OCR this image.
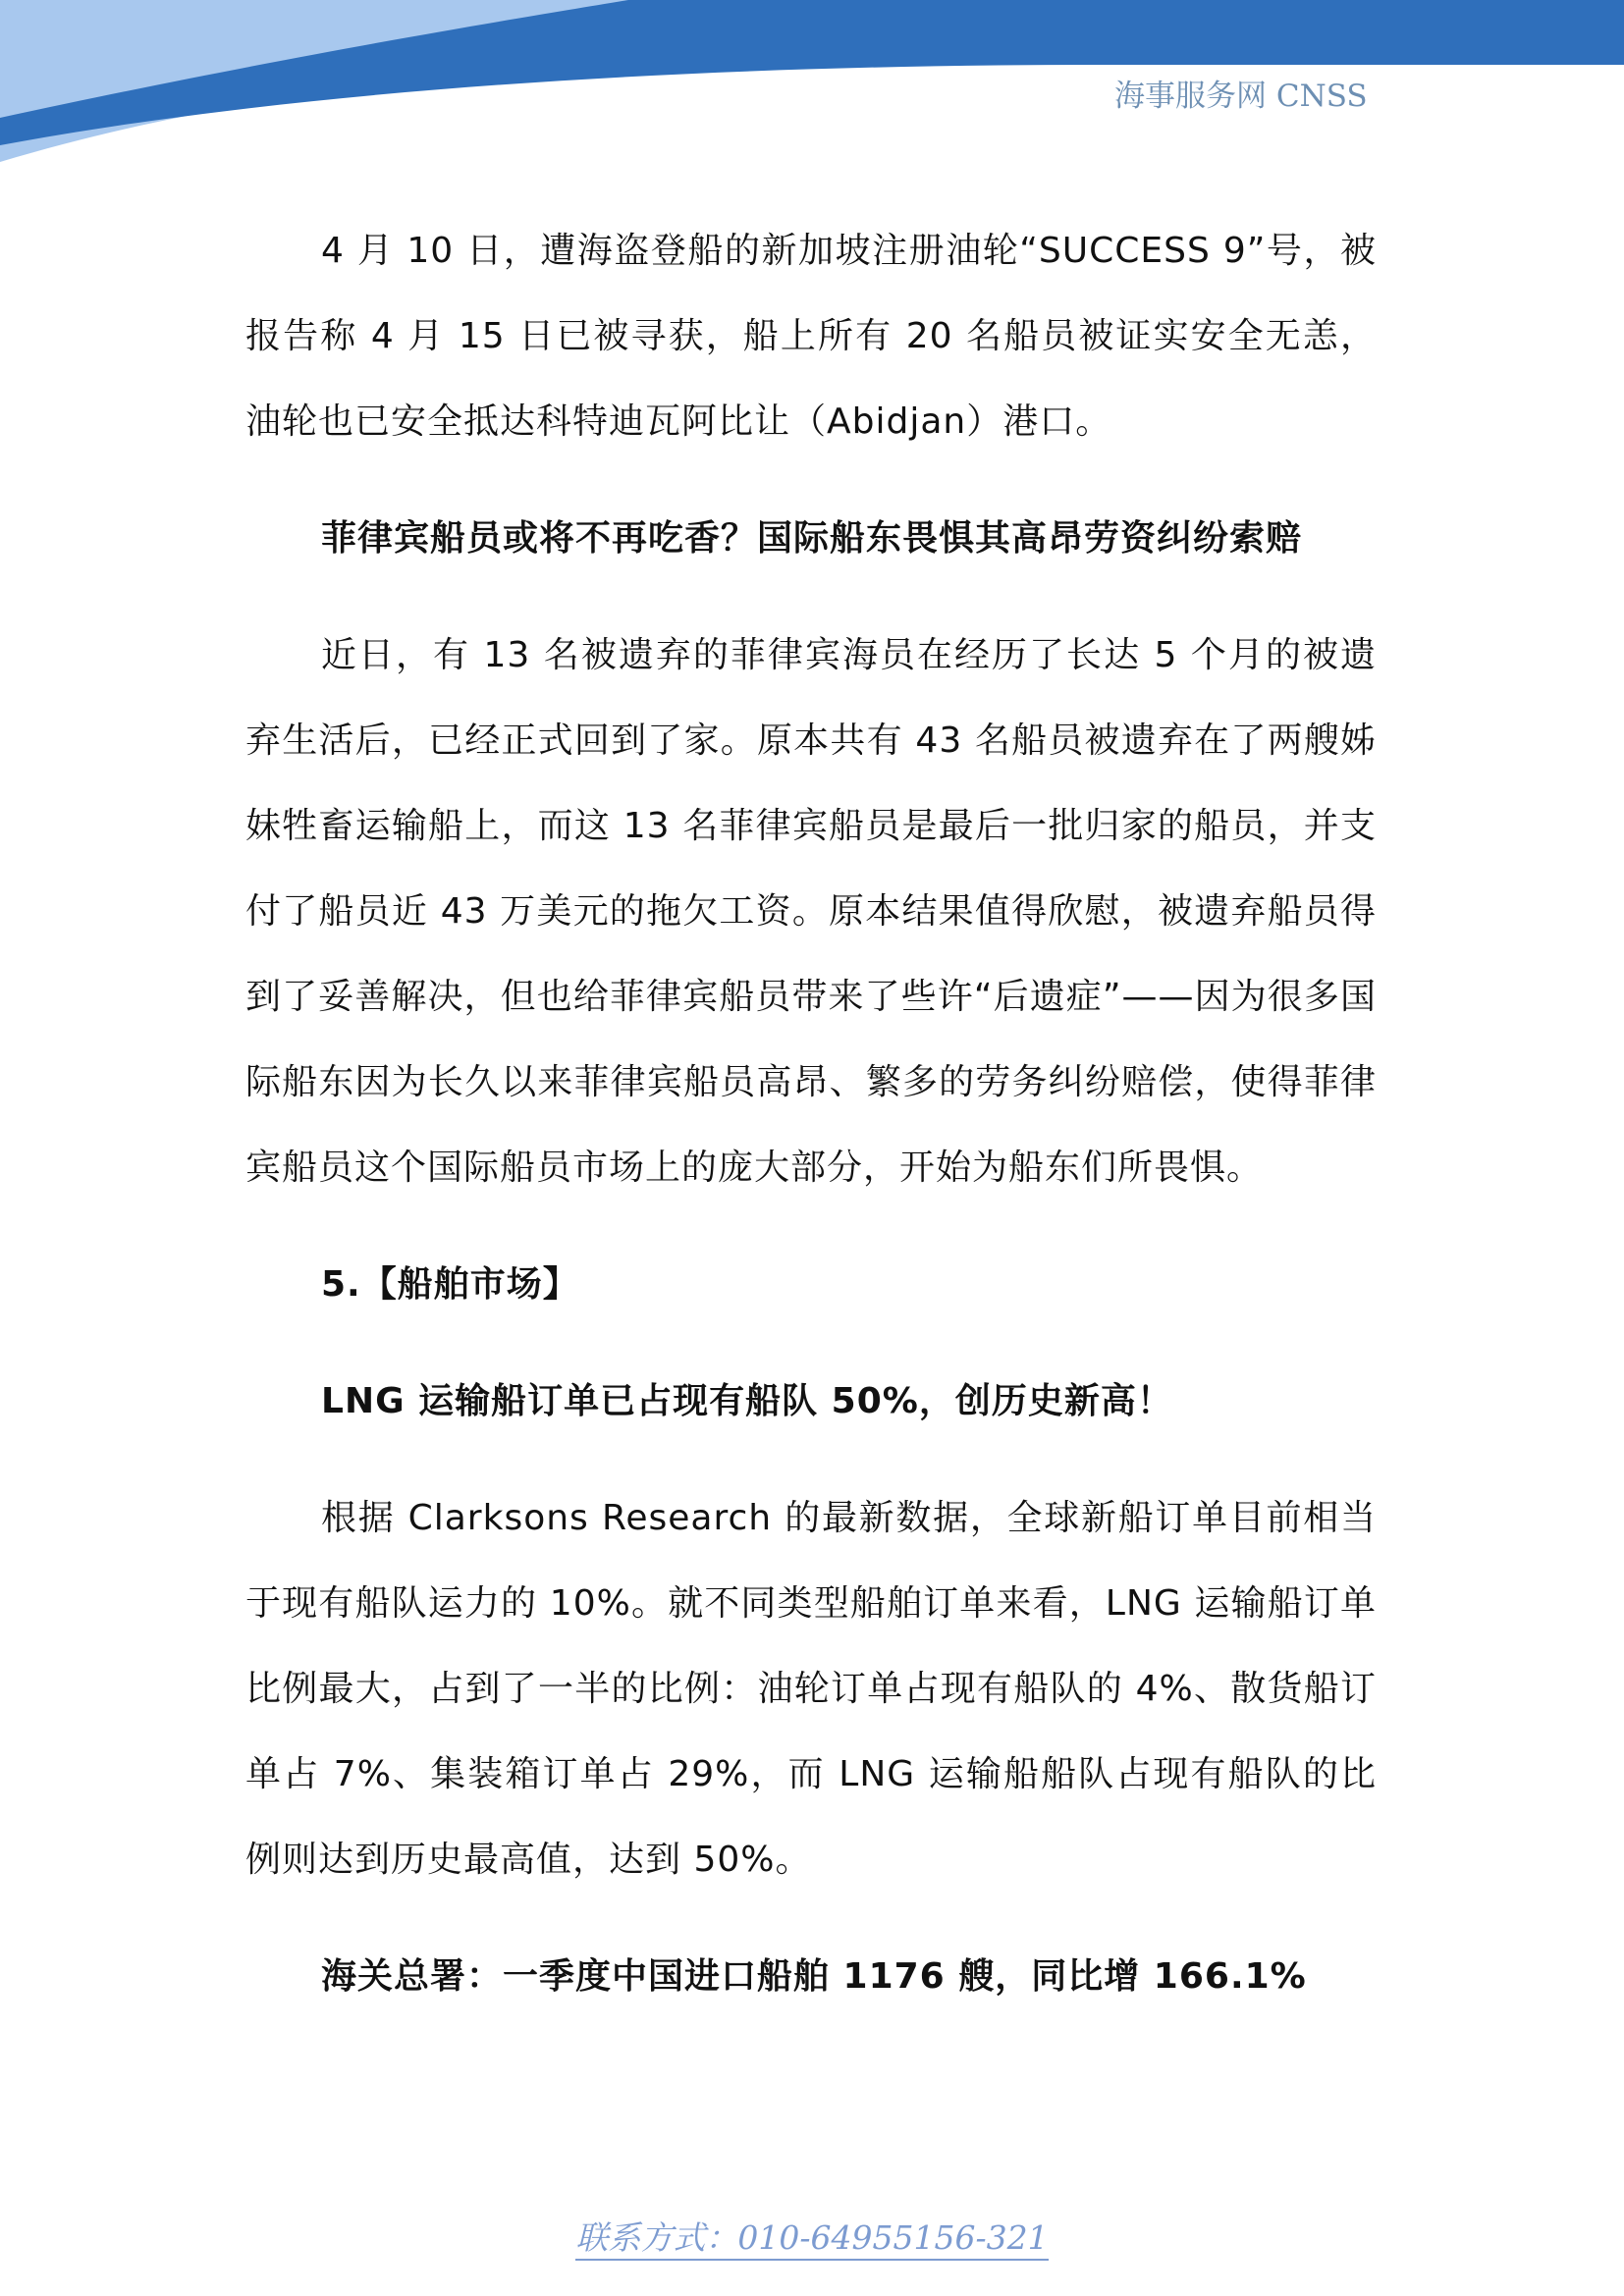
海事服务网 CNSS

4 月 10 日，遭海盗登船的新加坡注册油轮“SUCCESS 9”号，被报告称 4 月 15 日已被寻获，船上所有 20 名船员被证实安全无恙，油轮也已安全抵达科特迪瓦阿比让（Abidjan）港口。

菲律宾船员或将不再吃香？国际船东畏惧其高昂劳资纠纷索赔

近日，有 13 名被遗弃的菲律宾海员在经历了长达 5 个月的被遗弃生活后，已经正式回到了家。原本共有 43 名船员被遗弃在了两艘姊妹牲畜运输船上，而这 13 名菲律宾船员是最后一批归家的船员，并支付了船员近 43 万美元的拖欠工资。原本结果值得欣慰，被遗弃船员得到了妥善解决，但也给菲律宾船员带来了些许“后遗症”——因为很多国际船东因为长久以来菲律宾船员高昂、繁多的劳务纠纷赔偿，使得菲律宾船员这个国际船员市场上的庞大部分，开始为船东们所畏惧。

5.【船舶市场】
LNG 运输船订单已占现有船队 50%，创历史新高！

根据 Clarksons Research 的最新数据，全球新船订单目前相当于现有船队运力的 10%。就不同类型船舶订单来看，LNG 运输船订单比例最大，占到了一半的比例：油轮订单占现有船队的 4%、散货船订单占 7%、集装箱订单占 29%，而 LNG 运输船船队占现有船队的比例则达到历史最高值，达到 50%。

海关总署：一季度中国进口船舶 1176 艘，同比增 166.1%
联系方式：010-64955156-321
